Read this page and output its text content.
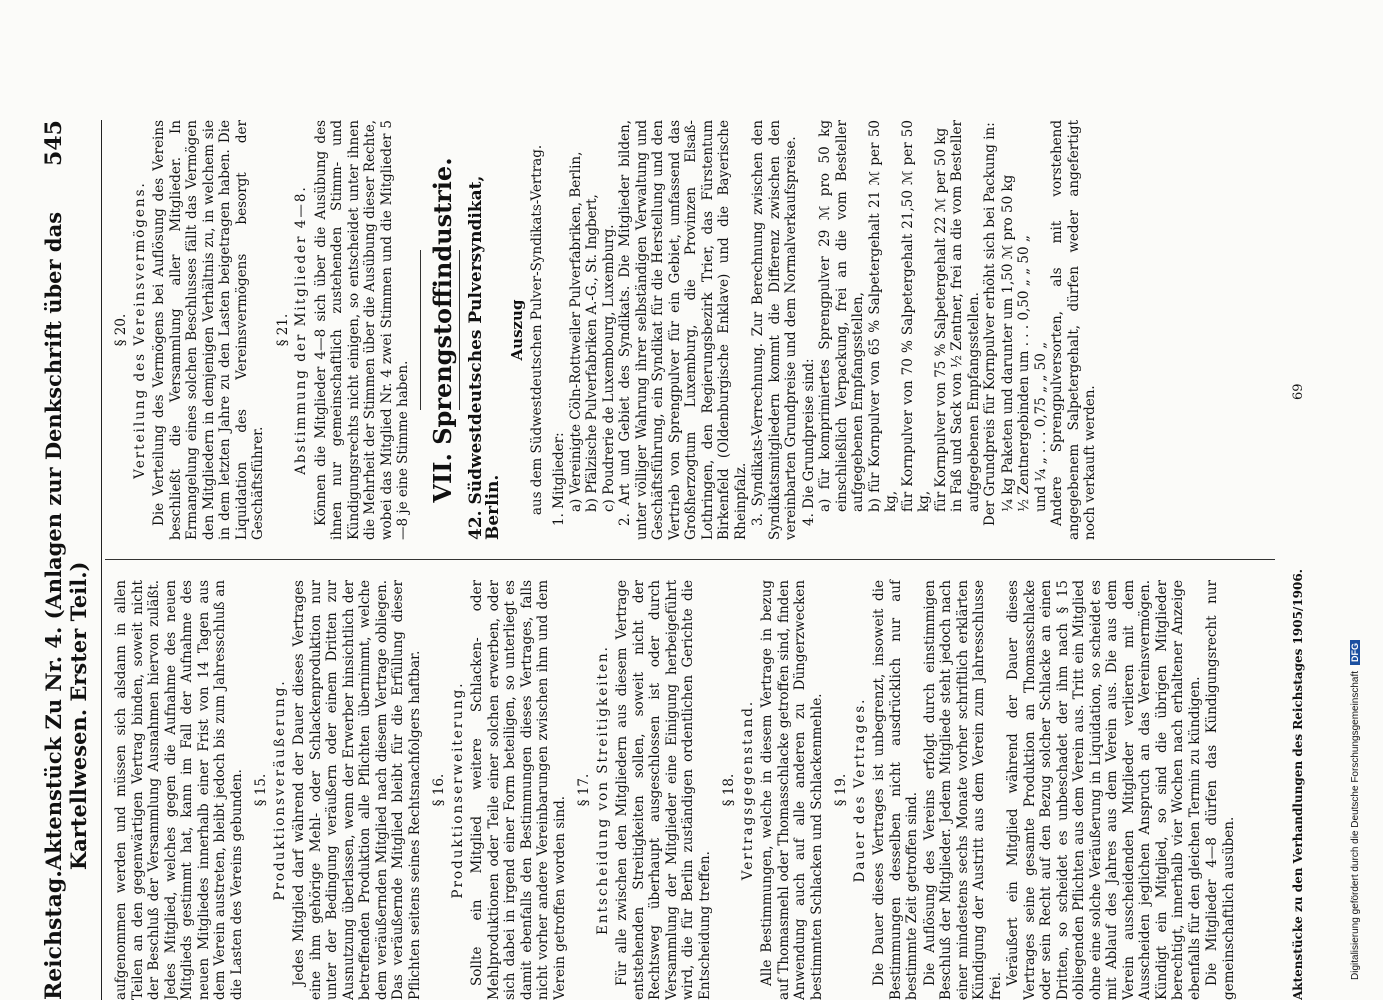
Reichstag.
Aktenstück Zu Nr. 4. (Anlagen zur Denkschrift über das Kartellwesen. Erster Teil.)
545

aufgenommen werden und müssen sich alsdann in allen Teilen an den gegenwärtigen Vertrag binden, soweit nicht der Beschluß der Versammlung Ausnahmen hiervon zuläßt. Jedes Mitglied, welches gegen die Aufnahme des neuen Mitglieds gestimmt hat, kann im Fall der Aufnahme des neuen Mitgliedes innerhalb einer Frist von 14 Tagen aus dem Verein austreten, bleibt jedoch bis zum Jahresschluß an die Lasten des Vereins gebunden. § 15. Produktionsveräußerung. Jedes Mitglied darf während der Dauer dieses Vertrages eine ihm gehörige Mehl- oder Schlackenproduktion nur unter der Bedingung veräußern oder einem Dritten zur Ausnutzung überlassen, wenn der Erwerber hinsichtlich der betreffenden Produktion alle Pflichten übernimmt, welche dem veräußernden Mitglied nach diesem Vertrage obliegen. Das veräußernde Mitglied bleibt für die Erfüllung dieser Pflichten seitens seines Rechtsnachfolgers haftbar. § 16. Produktionserweiterung. Sollte ein Mitglied weitere Schlacken- oder Mehlproduktionen oder Teile einer solchen erwerben, oder sich dabei in irgend einer Form beteiligen, so unterliegt es damit ebenfalls den Bestimmungen dieses Vertrages, falls nicht vorher andere Vereinbarungen zwischen ihm und dem Verein getroffen worden sind.

§ 17. Entscheidung von Streitigkeiten. Für alle zwischen den Mitgliedern aus diesem Vertrage entstehenden Streitigkeiten sollen, soweit nicht der Rechtsweg überhaupt ausgeschlossen ist oder durch Versammlung der Mitglieder eine Einigung herbeigeführt wird, die für Berlin zuständigen ordentlichen Gerichte die Entscheidung treffen.

§ 18. Vertragsgegenstand. Alle Bestimmungen, welche in diesem Vertrage in bezug auf Thomasmehl oder Thomasschlacke getroffen sind, finden Anwendung auch auf alle anderen zu Düngerzwecken bestimmten Schlacken und Schlackenmehle. § 19. Dauer des Vertrages. Die Dauer dieses Vertrages ist unbegrenzt, insoweit die Bestimmungen desselben nicht ausdrücklich nur auf bestimmte Zeit getroffen sind. Die Auflösung des Vereins erfolgt durch einstimmigen Beschluß der Mitglieder. Jedem Mitgliede steht jedoch nach einer mindestens sechs Monate vorher schriftlich erklärten Kündigung der Austritt aus dem Verein zum Jahresschlusse frei. Veräußert ein Mitglied während der Dauer dieses Vertrages seine gesamte Produktion an Thomasschlacke oder sein Recht auf den Bezug solcher Schlacke an einen Dritten, so scheidet es unbeschadet der ihm nach § 15 obliegenden Pflichten aus dem Verein aus. Tritt ein Mitglied ohne eine solche Veräußerung in Liquidation, so scheidet es mit Ablauf des Jahres aus dem Verein aus. Die aus dem Verein ausscheidenden Mitglieder verlieren mit dem Ausscheiden jeglichen Anspruch an das Vereinsvermögen. Kündigt ein Mitglied, so sind die übrigen Mitglieder berechtigt, innerhalb vier Wochen nach erhaltener Anzeige ebenfalls für den gleichen Termin zu kündigen. Die Mitglieder 4—8 dürfen das Kündigungsrecht nur gemeinschaftlich ausüben.

§ 20. Verteilung des Vereinsvermögens. Die Verteilung des Vermögens bei Auflösung des Vereins beschließt die Versammlung aller Mitglieder. In Ermangelung eines solchen Beschlusses fällt das Vermögen den Mitgliedern in demjenigen Verhältnis zu, in welchem sie in dem letzten Jahre zu den Lasten beigetragen haben. Die Liquidation des Vereinsvermögens besorgt der Geschäftsführer.

§ 21. Abstimmung der Mitglieder 4—8. Können die Mitglieder 4—8 sich über die Ausübung des ihnen nur gemeinschaftlich zustehenden Stimm- und Kündigungsrechts nicht einigen, so entscheidet unter ihnen die Mehrheit der Stimmen über die Ausübung dieser Rechte, wobei das Mitglied Nr. 4 zwei Stimmen und die Mitglieder 5—8 je eine Stimme haben. VII. Sprengstoffindustrie. 42. Südwestdeutsches Pulversyndikat, Berlin.
Auszug aus dem Südwestdeutschen Pulver-Syndikats-Vertrag. 1. Mitglieder: a) Vereinigte Cöln-Rottweiler Pulverfabriken, Berlin, b) Pfälzische Pulverfabriken A.-G., St. Ingbert, c) Poudrerie de Luxembourg, Luxemburg. 2. Art und Gebiet des Syndikats. Die Mitglieder bilden, unter völliger Wahrung ihrer selbständigen Verwaltung und Geschäftsführung, ein Syndikat für die Herstellung und den Vertrieb von Sprengpulver für ein Gebiet, umfassend das Großherzogtum Luxemburg, die Provinzen Elsaß-Lothringen, den Regierungsbezirk Trier, das Fürstentum Birkenfeld (Oldenburgische Enklave) und die Bayerische Rheinpfalz. 3. Syndikats-Verrechnung. Zur Berechnung zwischen den Syndikatsmitgliedern kommt die Differenz zwischen den vereinbarten Grundpreise und dem Normalverkaufspreise. 4. Die Grundpreise sind: a) für komprimiertes Sprengpulver 29 ℳ pro 50 kg einschließlich Verpackung, frei an die vom Besteller aufgegebenen Empfangsstellen, b) für Kornpulver von 65 % Salpetergehalt 21 ℳ per 50 kg, für Kornpulver von 70 % Salpetergehalt 21,50 ℳ per 50 kg, für Kornpulver von 75 % Salpetergehalt 22 ℳ per 50 kg in Faß und Sack von ½ Zentner, frei an die vom Besteller aufgegebenen Empfangsstellen. Der Grundpreis für Kornpulver erhöht sich bei Packung in: ¼ kg Paketen und darunter um 1,50 ℳ pro 50 kg ½ Zentnergebinden um . . . 0,50 „ „ 50 „ und ¼ „ . . . 0,75 „ „ 50 „ Andere Sprengpulversorten, als mit vorstehend angegebenem Salpetergehalt, dürfen weder angefertigt noch verkauft werden.

Aktenstücke zu den Verhandlungen des Reichstages 1905/1906.
69
Digitalisierung gefördert durch die Deutsche ForschungsgemeinschaftDFG
